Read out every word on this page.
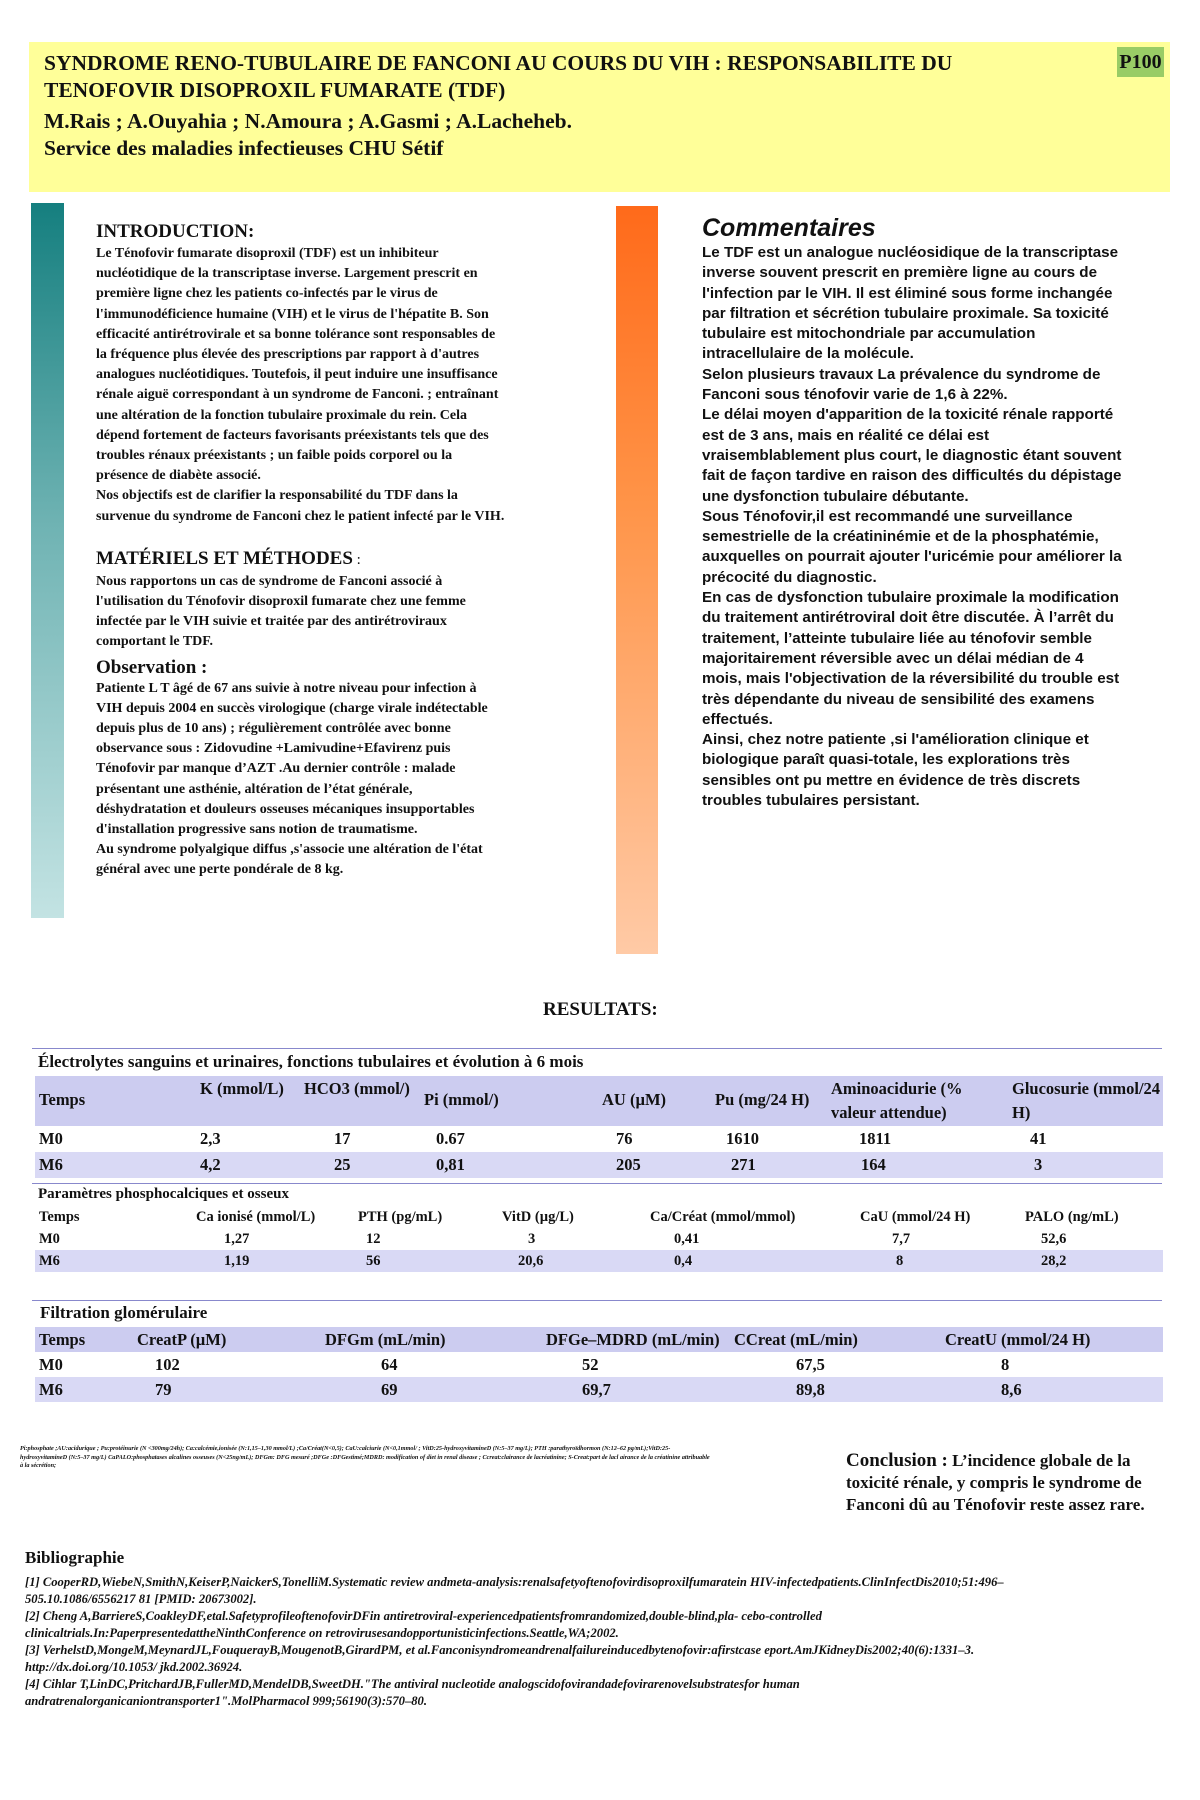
SYNDROME RENO-TUBULAIRE DE FANCONI AU COURS DU VIH : RESPONSABILITE DU TENOFOVIR DISOPROXIL FUMARATE (TDF)
M.Rais ; A.Ouyahia ; N.Amoura ; A.Gasmi ; A.Lacheheb.
Service des maladies infectieuses CHU Sétif
P100
INTRODUCTION:
Le Ténofovir fumarate disoproxil (TDF) est un inhibiteur nucléotidique de la transcriptase inverse. Largement prescrit en première ligne chez les patients co-infectés par le virus de l'immunodéficience humaine (VIH) et le virus de l'hépatite B. Son efficacité antirétrovirale et sa bonne tolérance sont responsables de la fréquence plus élevée des prescriptions par rapport à d'autres analogues nucléotidiques. Toutefois, il peut induire une insuffisance rénale aiguë correspondant à un syndrome de Fanconi. ; entraînant une altération de la fonction tubulaire proximale du rein. Cela dépend fortement de facteurs favorisants préexistants tels que des troubles rénaux préexistants ; un faible poids corporel ou la présence de diabète associé.
Nos objectifs est de clarifier la responsabilité du TDF dans la survenue du syndrome de Fanconi chez le patient infecté par le VIH.
MATÉRIELS ET MÉTHODES :
Nous rapportons un cas de syndrome de Fanconi associé à l'utilisation du Ténofovir disoproxil fumarate chez une femme infectée par le VIH suivie et traitée par des antirétroviraux comportant le TDF.
Observation :
Patiente L T âgé de 67 ans suivie à notre niveau pour infection à VIH depuis 2004 en succès virologique (charge virale indétectable depuis plus de 10 ans) ; régulièrement contrôlée avec bonne observance sous : Zidovudine +Lamivudine+Efavirenz puis Ténofovir par manque d’AZT .Au dernier contrôle : malade présentant une asthénie, altération de l’état générale, déshydratation et douleurs osseuses mécaniques insupportables d'installation progressive sans notion de traumatisme.
Au syndrome polyalgique diffus ,s'associe une altération de l'état général avec une perte pondérale de 8 kg.
Commentaires
Le TDF est un analogue nucléosidique de la transcriptase inverse souvent prescrit en première ligne au cours de l'infection par le VIH. Il est éliminé sous forme inchangée par filtration et sécrétion tubulaire proximale. Sa toxicité tubulaire est mitochondriale par accumulation intracellulaire de la molécule.
Selon plusieurs travaux La prévalence du syndrome de Fanconi sous ténofovir varie de 1,6 à 22%.
Le délai moyen d'apparition de la toxicité rénale rapporté est de 3 ans, mais en réalité ce délai est vraisemblablement plus court, le diagnostic étant souvent fait de façon tardive en raison des difficultés du dépistage une dysfonction tubulaire débutante.
Sous Ténofovir,il est recommandé une surveillance semestrielle de la créatininémie et de la phosphatémie, auxquelles on pourrait ajouter l'uricémie pour améliorer la précocité du diagnostic.
En cas de dysfonction tubulaire proximale la modification du traitement antirétroviral doit être discutée. À l’arrêt du traitement, l’atteinte tubulaire liée au ténofovir semble majoritairement réversible avec un délai médian de 4 mois, mais l'objectivation de la réversibilité du trouble est très dépendante du niveau de sensibilité des examens effectués.
Ainsi, chez notre patiente ,si l'amélioration clinique et biologique paraît quasi-totale, les explorations très sensibles ont pu mettre en évidence de très discrets troubles tubulaires persistant.
RESULTATS:
Électrolytes sanguins et urinaires, fonctions tubulaires et évolution à 6 mois
Temps	K (mmol/L)	HCO3 (mmol/)	Pi (mmol/)	AU (µM)	Pu (mg/24 H)	Aminoacidurie (% valeur attendue)	Glucosurie (mmol/24 H)
M0	2,3	17	0.67	76	1610	1811	41
M6	4,2	25	0,81	205	271	164	3
Paramètres phosphocalciques et osseux
Temps	Ca ionisé (mmol/L)	PTH (pg/mL)	VitD (µg/L)	Ca/Créat (mmol/mmol)	CaU (mmol/24 H)	PALO (ng/mL)
M0	1,27	12	3	0,41	7,7	52,6
M6	1,19	56	20,6	0,4	8	28,2
Filtration glomérulaire
Temps	CreatP (µM)	DFGm (mL/min)	DFGe–MDRD (mL/min)	CCreat (mL/min)	CreatU (mmol/24 H)
M0	102	64	52	67,5	8
M6	79	69	69,7	89,8	8,6
Pi:phosphate ;AU:acidurique ; Pu:protéinurie (N <300mg/24h); Ca:calcémie,ionisée (N:1,15–1,30 mmol/L) ;Ca/Créat(N<0,5); CaU:calciurie (N<0,1mmol/ ; VitD:25-hydroxyvitamineD (N:5–37 mg/L); PTH :parathyroïdhormon (N:12–62 pg/mL);VitD:25-hydroxyvitamineD (N:5–37 mg/L) CaPALO:phosphatases alcalines osseuses (N<25ng/mL); DFGm: DFG mesuré ;DFGe :DFGestimé;MDRD: modification of diet in renal disease ; Ccreat:clairance de lacréatinine; S-Creat:part de lacl airance de la créatinine attribuable à la sécrétion;	Conclusion : L’incidence globale de la toxicité rénale, y compris le syndrome de Fanconi dû au Ténofovir reste assez rare.
Bibliographie
[1] CooperRD,WiebeN,SmithN,KeiserP,NaickerS,TonelliM.Systematic review andmeta-analysis:renalsafetyoftenofovirdisoproxilfumaratein HIV-infectedpatients.ClinInfectDis2010;51:496–505.10.1086/6556217 81 [PMID: 20673002].
[2] Cheng A,BarriereS,CoakleyDF,etal.SafetyprofileoftenofovirDFin antiretroviral-experiencedpatientsfromrandomized,double-blind,pla- cebo-controlled clinicaltrials.In:PaperpresentedattheNinthConference on retrovirusesandopportunisticinfections.Seattle,WA;2002.
[3] VerhelstD,MongeM,MeynardJL,FouquerayB,MougenotB,GirardPM, et al.Fanconisyndromeandrenalfailureinducedbytenofovir:afirstcase eport.AmJKidneyDis2002;40(6):1331–3. http://dx.doi.org/10.1053/ jkd.2002.36924.
[4] Cihlar T,LinDC,PritchardJB,FullerMD,MendelDB,SweetDH."The antiviral nucleotide analogscidofovirandadefovirarenovelsubstratesfor human andratrenalorganicaniontransporter1".MolPharmacol 999;56190(3):570–80.
